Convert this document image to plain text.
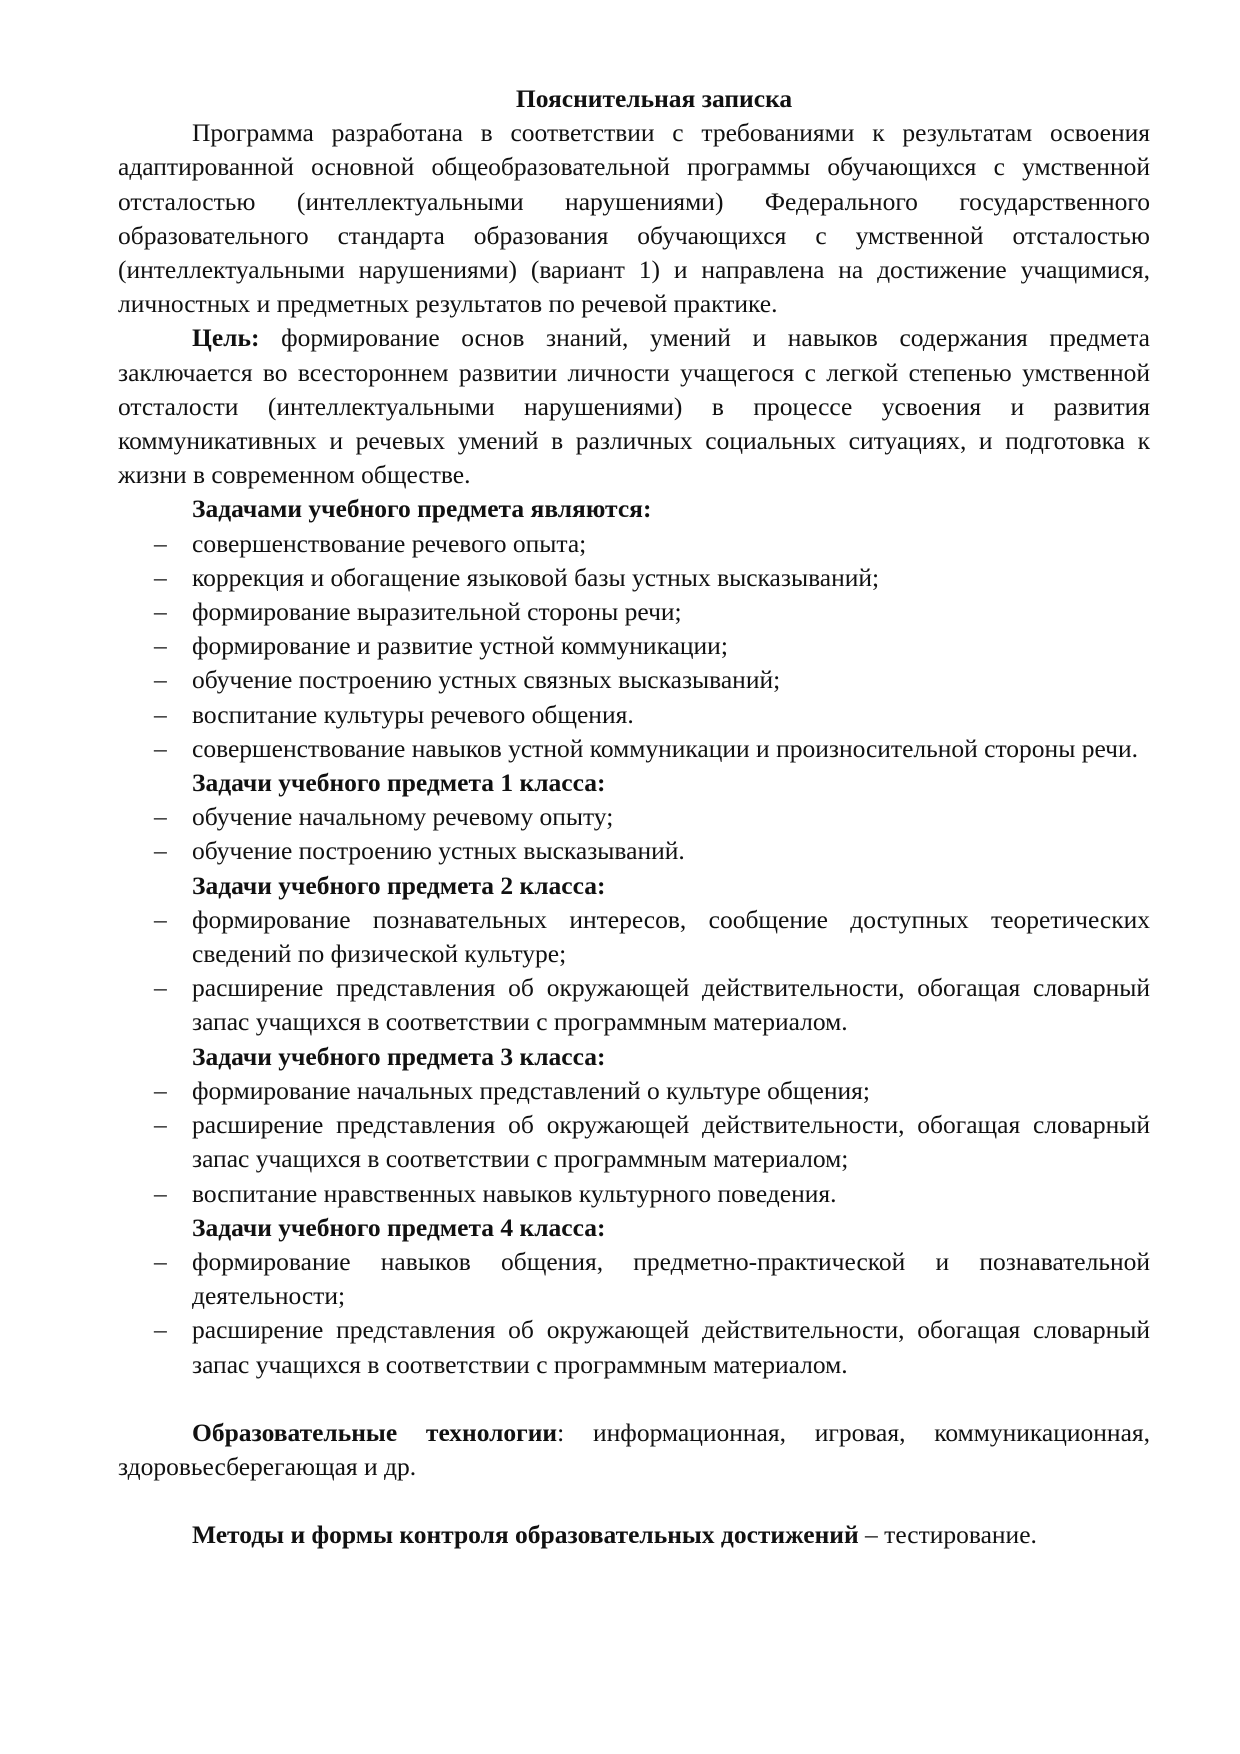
Пояснительная записка

Программа разработана в соответствии с требованиями к результатам освоения адаптированной основной общеобразовательной программы обучающихся с умственной отсталостью (интеллектуальными нарушениями) Федерального государственного образовательного стандарта образования обучающихся с умственной отсталостью (интеллектуальными нарушениями) (вариант 1) и направлена на достижение учащимися, личностных и предметных результатов по речевой практике.

Цель: формирование основ знаний, умений и навыков содержания предмета заключается во всестороннем развитии личности учащегося с легкой степенью умственной отсталости (интеллектуальными нарушениями) в процессе усвоения и развития коммуникативных и речевых умений в различных социальных ситуациях, и подготовка к жизни в современном обществе.

Задачами учебного предмета являются:

– совершенствование речевого опыта;
– коррекция и обогащение языковой базы устных высказываний;
– формирование выразительной стороны речи;
– формирование и развитие устной коммуникации;
– обучение построению устных связных высказываний;
– воспитание культуры речевого общения.
– совершенствование навыков устной коммуникации и произносительной стороны речи.

Задачи учебного предмета 1 класса:

– обучение начальному речевому опыту;
– обучение построению устных высказываний.

Задачи учебного предмета 2 класса:

– формирование познавательных интересов, сообщение доступных теоретических сведений по физической культуре;
– расширение представления об окружающей действительности, обогащая словарный запас учащихся в соответствии с программным материалом.

Задачи учебного предмета 3 класса:

– формирование начальных представлений о культуре общения;
– расширение представления об окружающей действительности, обогащая словарный запас учащихся в соответствии с программным материалом;
– воспитание нравственных навыков культурного поведения.

Задачи учебного предмета 4 класса:

– формирование навыков общения, предметно-практической и познавательной деятельности;
– расширение представления об окружающей действительности, обогащая словарный запас учащихся в соответствии с программным материалом.

Образовательные технологии: информационная, игровая, коммуникационная, здоровьесберегающая и др.

Методы и формы контроля образовательных достижений – тестирование.
